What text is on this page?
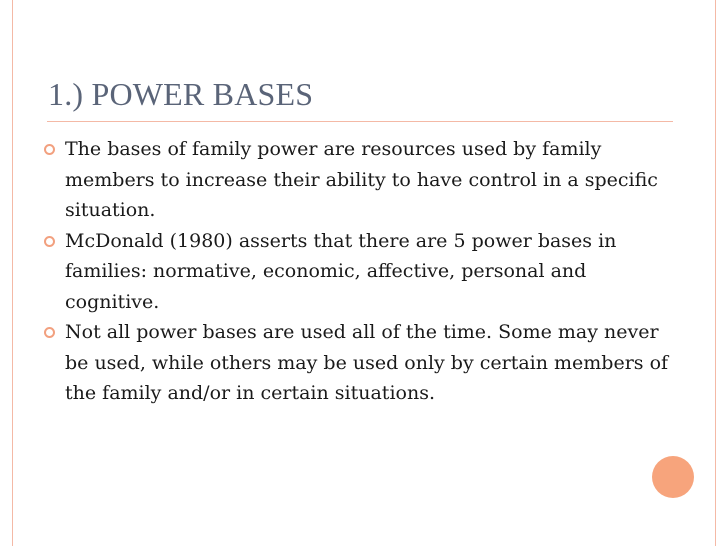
1.) POWER BASES
The bases of family power are resources used by family members to increase their ability to have control in a specific situation.
McDonald (1980) asserts that there are 5 power bases in families: normative, economic, affective, personal and cognitive.
Not all power bases are used all of the time. Some may never be used, while others may be used only by certain members of the family and/or in certain situations.
